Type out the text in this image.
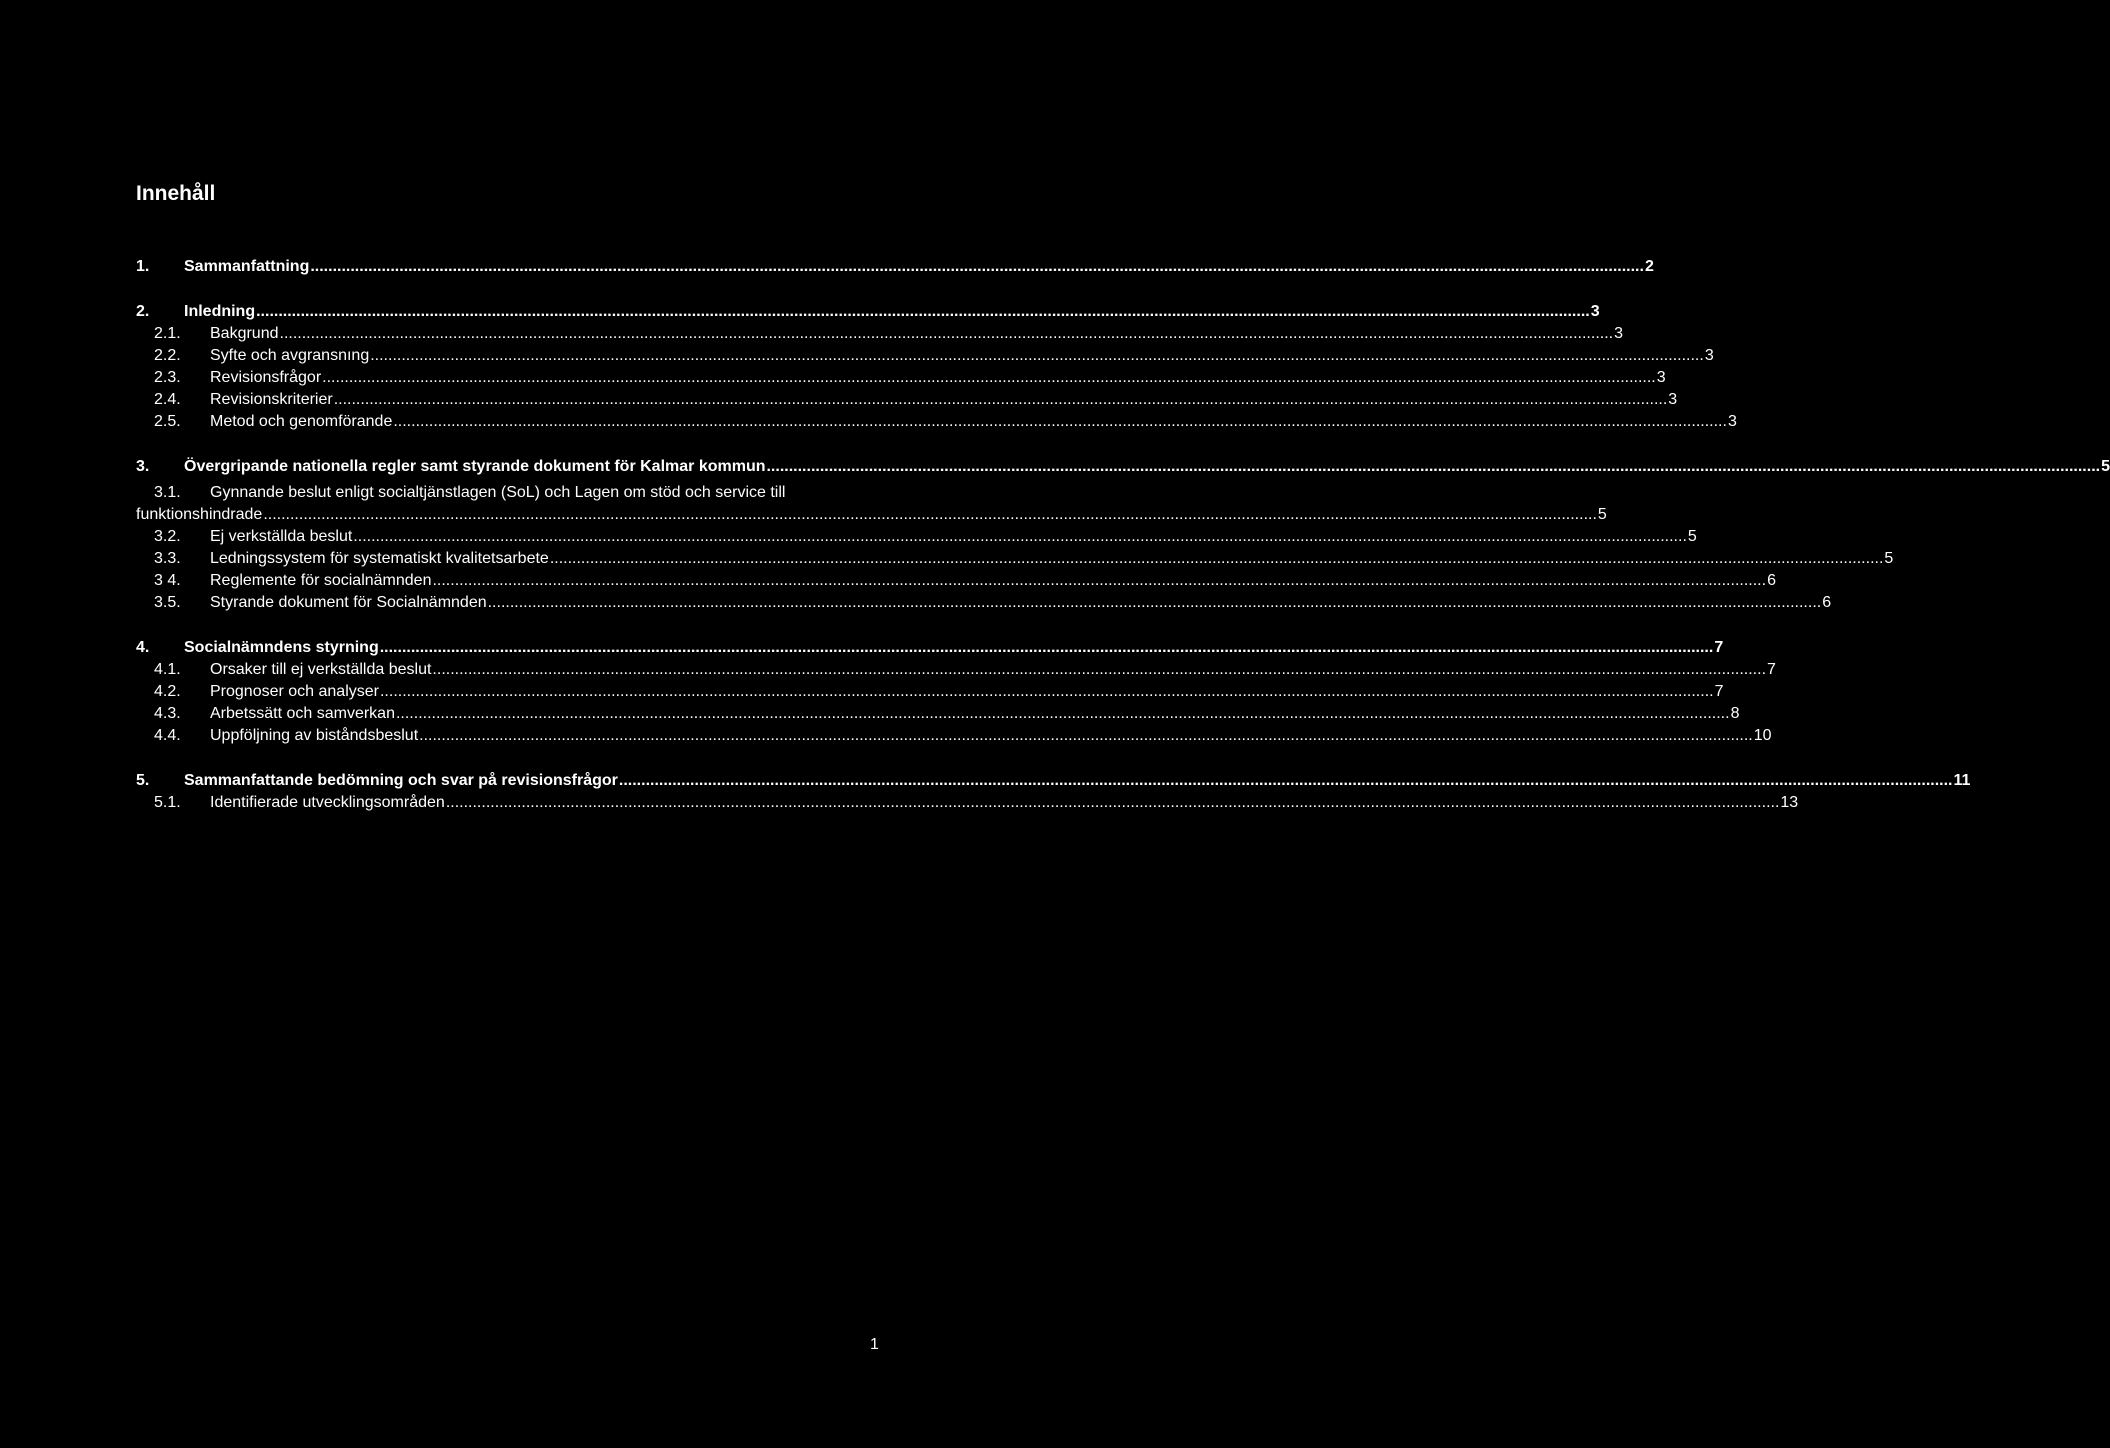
Innehåll
1.	Sammanfattning .....	2
2.	Inledning .....	3
2.1.	Bakgrund .....	3
2.2.	Syfte och avgransnıng .....	3
2.3.	Revisionsfrågor .....	3
2.4.	Revisionskriterier .....	3
2.5.	Metod och genomförande .....	3
3.	Övergripande nationella regler samt styrande dokument för Kalmar kommun .....	5
3.1. Gynnande beslut enligt socialtjänstlagen (SoL) och Lagen om stöd och service till
funktionshindrade .....	5
3.2.	Ej verkställda beslut .....	5
3.3.	Ledningssystem för systematiskt kvalitetsarbete .....	5
3 4.	Reglemente för socialnämnden .....	6
3.5.	Styrande dokument för Socialnämnden .....	6
4.	Socialnämndens styrning .....	7
4.1.	Orsaker till ej verkställda beslut .....	7
4.2.	Prognoser och analyser .....	7
4.3.	Arbetssätt och samverkan .....	8
4.4.	Uppföljning av biståndsbeslut .....	10
5.	Sammanfattande bedömning och svar på revisionsfrågor .....	11
5.1.	Identifierade utvecklingsområden .....	13
1
